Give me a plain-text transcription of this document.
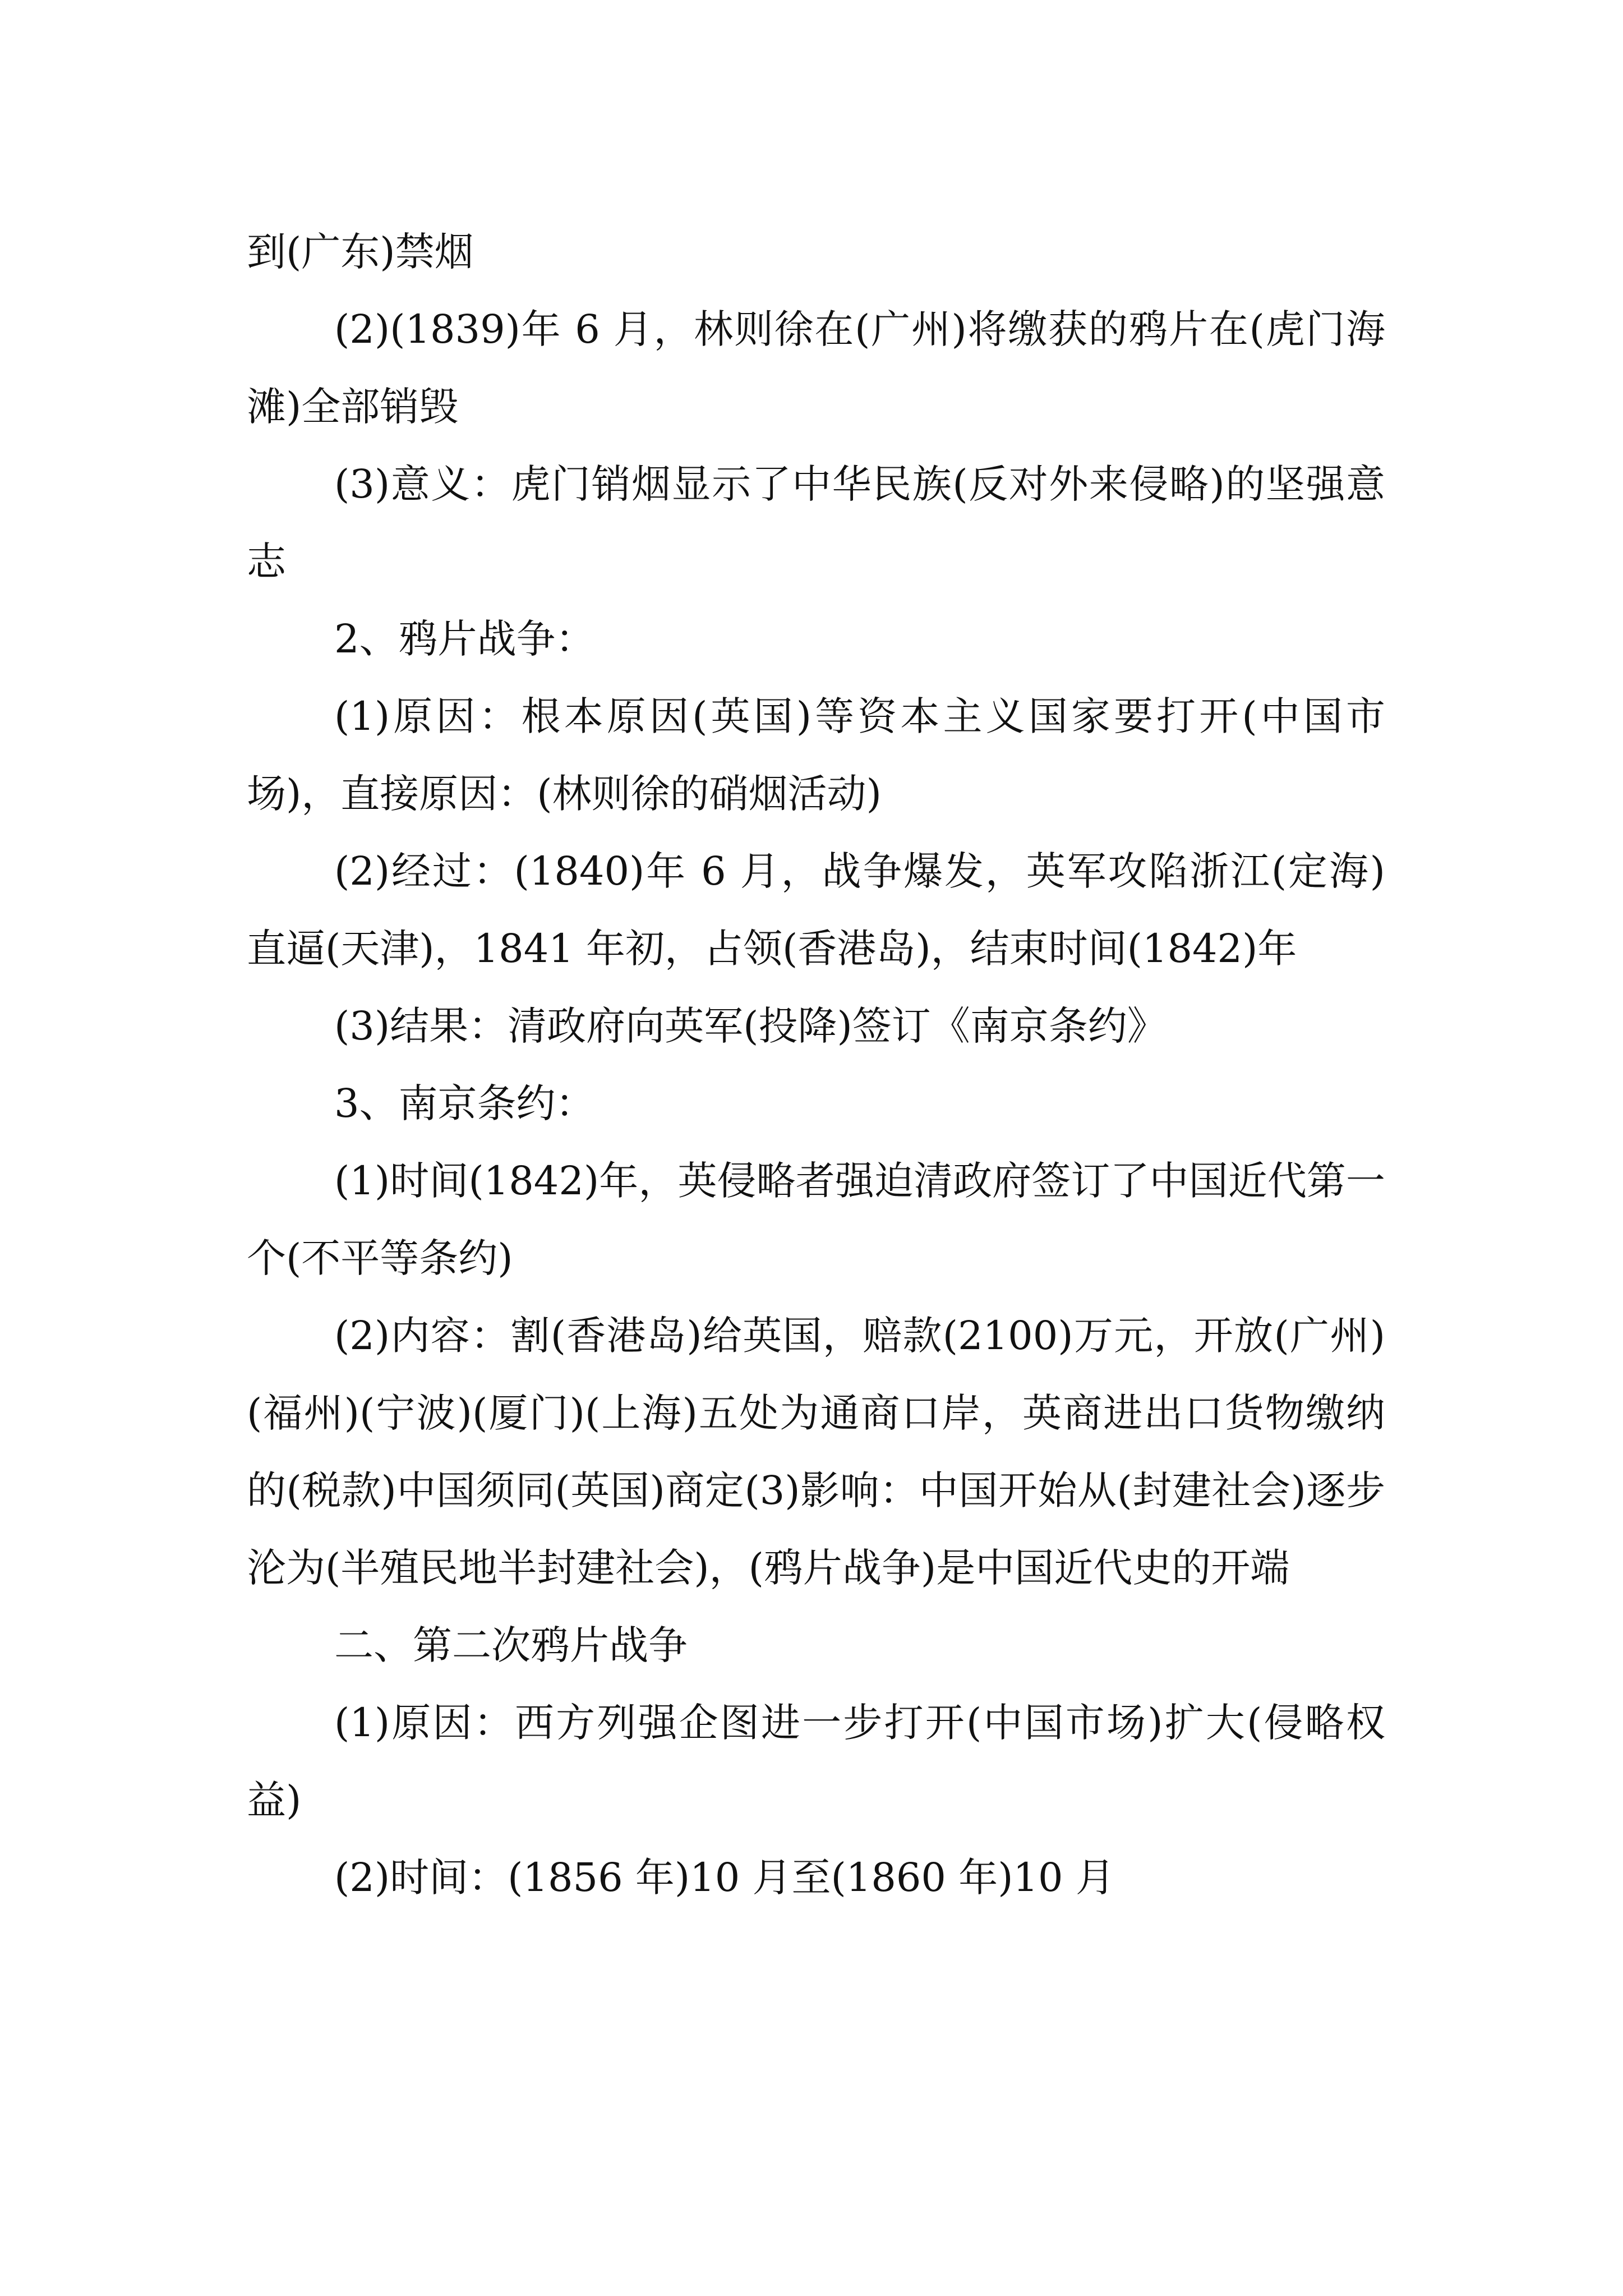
到(广东)禁烟

(2)(1839)年 6 月，林则徐在(广州)将缴获的鸦片在(虎门海滩)全部销毁

(3)意义：虎门销烟显示了中华民族(反对外来侵略)的坚强意志

2、鸦片战争：

(1)原因：根本原因(英国)等资本主义国家要打开(中国市场)，直接原因：(林则徐的硝烟活动)

(2)经过：(1840)年 6 月，战争爆发，英军攻陷浙江(定海)直逼(天津)，1841 年初，占领(香港岛)，结束时间(1842)年

(3)结果：清政府向英军(投降)签订《南京条约》

3、南京条约：

(1)时间(1842)年，英侵略者强迫清政府签订了中国近代第一个(不平等条约)

(2)内容：割(香港岛)给英国，赔款(2100)万元，开放(广州)(福州)(宁波)(厦门)(上海)五处为通商口岸，英商进出口货物缴纳的(税款)中国须同(英国)商定(3)影响：中国开始从(封建社会)逐步沦为(半殖民地半封建社会)，(鸦片战争)是中国近代史的开端

二、第二次鸦片战争

(1)原因：西方列强企图进一步打开(中国市场)扩大(侵略权益)

(2)时间：(1856 年)10 月至(1860 年)10 月
